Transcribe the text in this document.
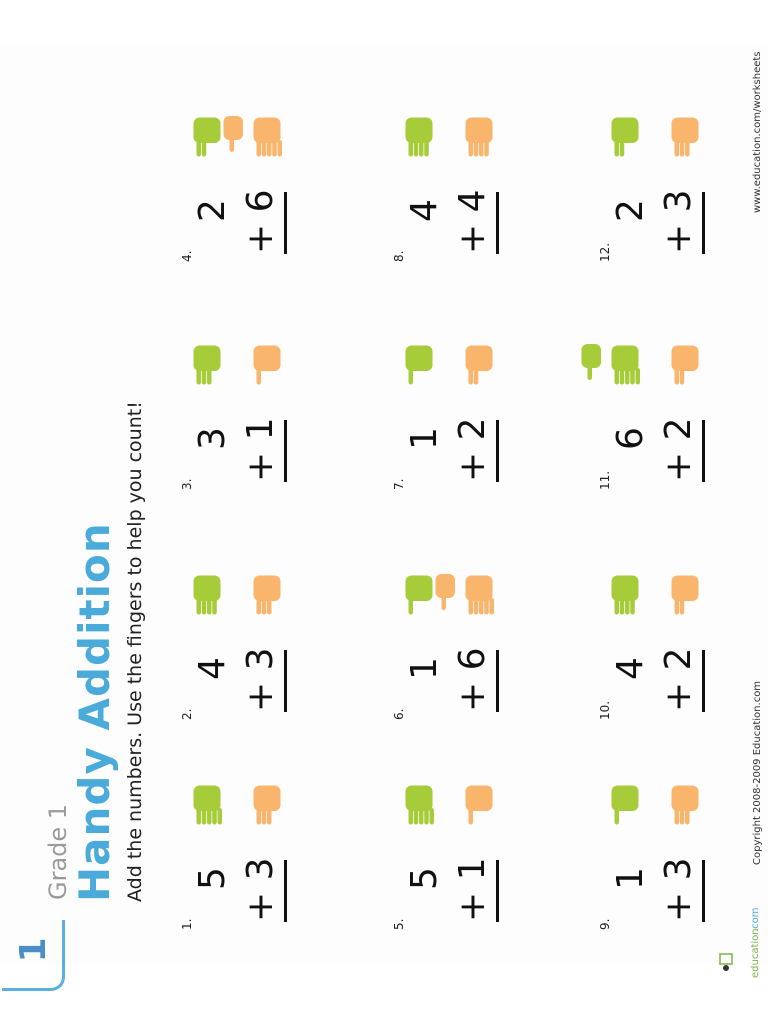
1
Grade 1
Handy Addition Add the numbers. Use the fingers to help you count!
1.
5 + 3
2.
4 + 3
3.
3 + 1
4.
2 + 6
5.
5 + 1
6.
1 + 6
7.
1 + 2
8.
4 + 4
9.
1 + 3
10.
4 + 2
11.
6 + 2
12.
2 + 3
education
.com
Copyright 2008-2009 Education.com
www.education.com/worksheets
